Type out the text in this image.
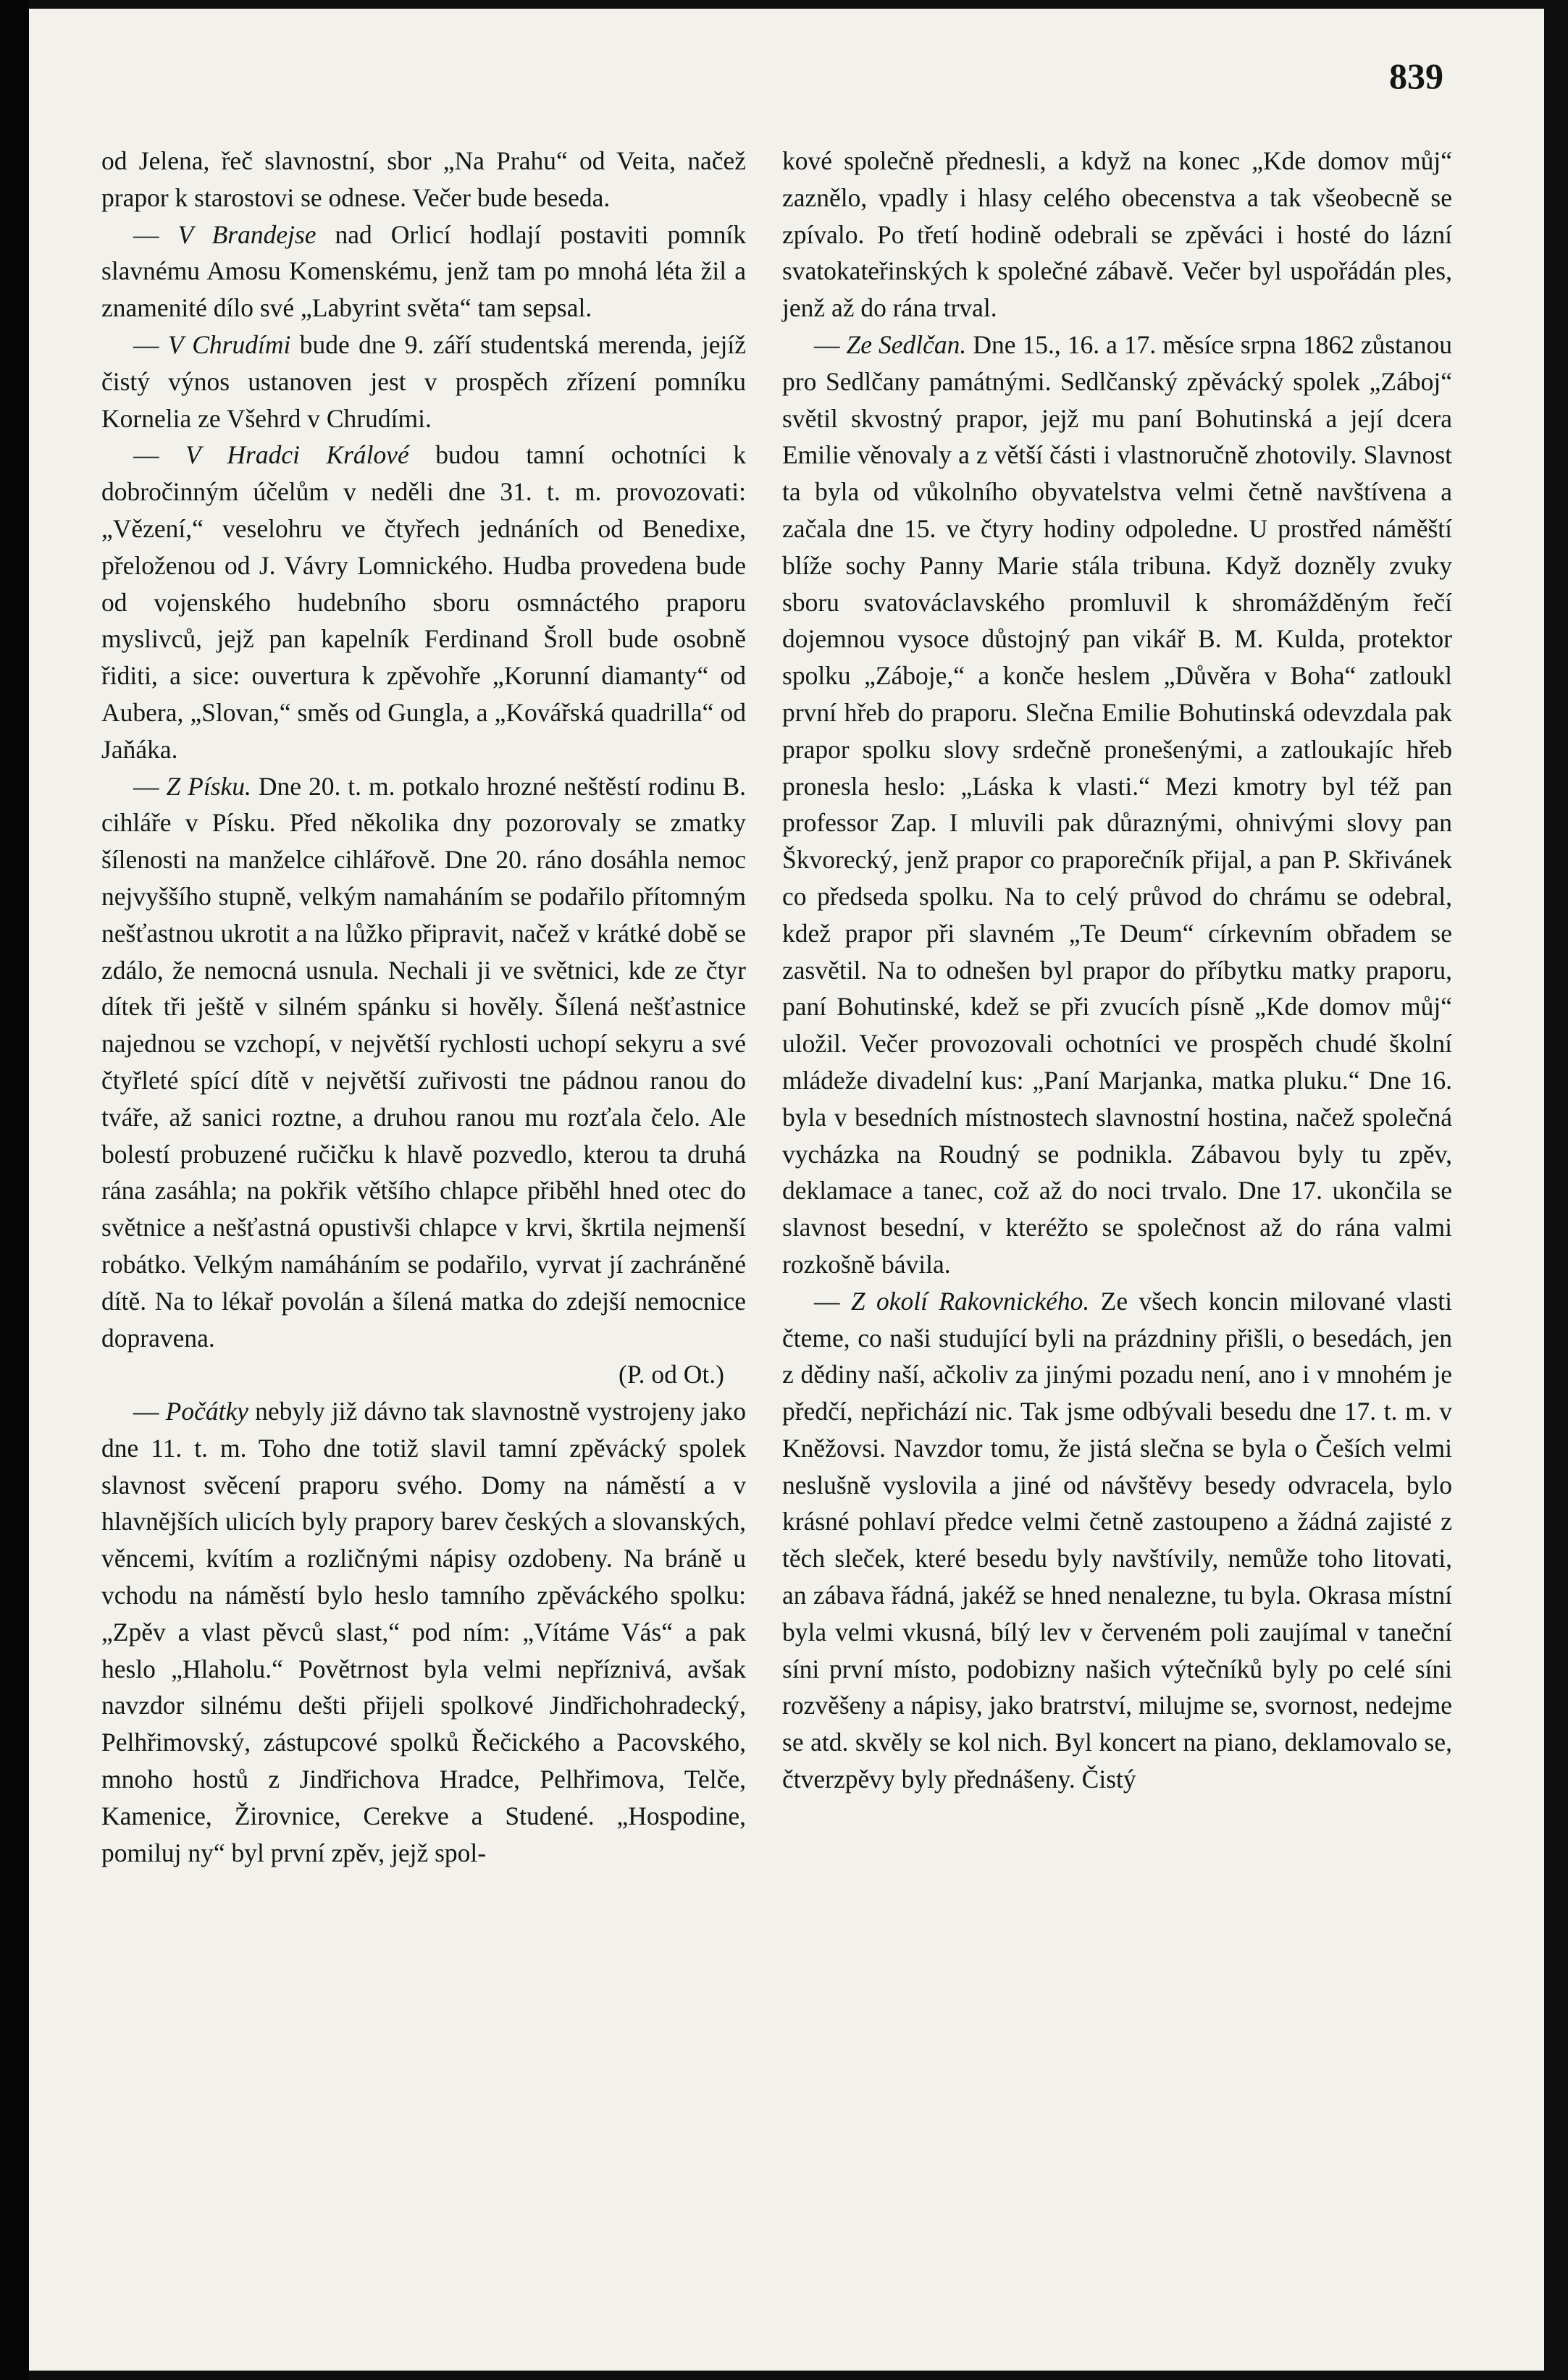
839

od Jelena, řeč slavnostní, sbor „Na Prahu“ od Veita, načež prapor k starostovi se odnese. Večer bude beseda.

— V Brandejse nad Orlicí hodlají postaviti pomník slavnému Amosu Komenskému, jenž tam po mnohá léta žil a znamenité dílo své „Labyrint světa“ tam sepsal.

— V Chrudími bude dne 9. září studentská merenda, jejíž čistý výnos ustanoven jest v prospěch zřízení pomníku Kornelia ze Všehrd v Chrudími.

— V Hradci Králové budou tamní ochotníci k dobročinným účelům v neděli dne 31. t. m. provozovati: „Vězení,“ veselohru ve čtyřech jednáních od Benedixe, přeloženou od J. Vávry Lomnického. Hudba provedena bude od vojenského hudebního sboru osmnáctého praporu myslivců, jejž pan kapelník Ferdinand Šroll bude osobně řiditi, a sice: ouvertura k zpěvohře „Korunní diamanty“ od Aubera, „Slovan,“ směs od Gungla, a „Kovářská quadrilla“ od Jaňáka.

— Z Písku. Dne 20. t. m. potkalo hrozné neštěstí rodinu B. cihláře v Písku. Před několika dny pozorovaly se zmatky šílenosti na manželce cihlářově. Dne 20. ráno dosáhla nemoc nejvyššího stupně, velkým namaháním se podařilo přítomným nešťastnou ukrotit a na lůžko připravit, načež v krátké době se zdálo, že nemocná usnula. Nechali ji ve světnici, kde ze čtyr dítek tři ještě v silném spánku si hověly. Šílená nešťastnice najednou se vzchopí, v největší rychlosti uchopí sekyru a své čtyřleté spící dítě v největší zuřivosti tne pádnou ranou do tváře, až sanici roztne, a druhou ranou mu rozťala čelo. Ale bolestí probuzené ručičku k hlavě pozvedlo, kterou ta druhá rána zasáhla; na pokřik většího chlapce přiběhl hned otec do světnice a nešťastná opustivši chlapce v krvi, škrtila nejmenší robátko. Velkým namáháním se podařilo, vyrvat jí zachráněné dítě. Na to lékař povolán a šílená matka do zdejší nemocnice dopravena.

(P. od Ot.)

— Počátky nebyly již dávno tak slavnostně vystrojeny jako dne 11. t. m. Toho dne totiž slavil tamní zpěvácký spolek slavnost svěcení praporu svého. Domy na náměstí a v hlavnějších ulicích byly prapory barev českých a slovanských, věncemi, kvítím a rozličnými nápisy ozdobeny. Na bráně u vchodu na náměstí bylo heslo tamního zpěváckého spolku: „Zpěv a vlast pěvců slast,“ pod ním: „Vítáme Vás“ a pak heslo „Hlaholu.“ Povětrnost byla velmi nepříznivá, avšak navzdor silnému dešti přijeli spolkové Jindřichohradecký, Pelhřimovský, zástupcové spolků Řečického a Pacovského, mnoho hostů z Jindřichova Hradce, Pelhřimova, Telče, Kamenice, Žirovnice, Cerekve a Studené. „Hospodine, pomiluj ny“ byl první zpěv, jejž spol-

kové společně přednesli, a když na konec „Kde domov můj“ zaznělo, vpadly i hlasy celého obecenstva a tak všeobecně se zpívalo. Po třetí hodině odebrali se zpěváci i hosté do lázní svatokateřinských k společné zábavě. Večer byl uspořádán ples, jenž až do rána trval.

— Ze Sedlčan. Dne 15., 16. a 17. měsíce srpna 1862 zůstanou pro Sedlčany památnými. Sedlčanský zpěvácký spolek „Záboj“ světil skvostný prapor, jejž mu paní Bohutinská a její dcera Emilie věnovaly a z větší části i vlastnoručně zhotovily. Slavnost ta byla od vůkolního obyvatelstva velmi četně navštívena a začala dne 15. ve čtyry hodiny odpoledne. U prostřed náměští blíže sochy Panny Marie stála tribuna. Když dozněly zvuky sboru svatováclavského promluvil k shromážděným řečí dojemnou vysoce důstojný pan vikář B. M. Kulda, protektor spolku „Záboje,“ a konče heslem „Důvěra v Boha“ zatloukl první hřeb do praporu. Slečna Emilie Bohutinská odevzdala pak prapor spolku slovy srdečně pronešenými, a zatloukajíc hřeb pronesla heslo: „Láska k vlasti.“ Mezi kmotry byl též pan professor Zap. I mluvili pak důraznými, ohnivými slovy pan Škvorecký, jenž prapor co praporečník přijal, a pan P. Skřivánek co předseda spolku. Na to celý průvod do chrámu se odebral, kdež prapor při slavném „Te Deum“ církevním obřadem se zasvětil. Na to odnešen byl prapor do příbytku matky praporu, paní Bohutinské, kdež se při zvucích písně „Kde domov můj“ uložil. Večer provozovali ochotníci ve prospěch chudé školní mládeže divadelní kus: „Paní Marjanka, matka pluku.“ Dne 16. byla v besedních místnostech slavnostní hostina, načež společná vycházka na Roudný se podnikla. Zábavou byly tu zpěv, deklamace a tanec, což až do noci trvalo. Dne 17. ukončila se slavnost besední, v kteréžto se společnost až do rána valmi rozkošně bávila.

— Z okolí Rakovnického. Ze všech koncin milované vlasti čteme, co naši studující byli na prázdniny přišli, o besedách, jen z dědiny naší, ačkoliv za jinými pozadu není, ano i v mnohém je předčí, nepřichází nic. Tak jsme odbývali besedu dne 17. t. m. v Kněžovsi. Navzdor tomu, že jistá slečna se byla o Češích velmi neslušně vyslovila a jiné od návštěvy besedy odvracela, bylo krásné pohlaví předce velmi četně zastoupeno a žádná zajisté z těch sleček, které besedu byly navštívily, nemůže toho litovati, an zábava řádná, jakéž se hned nenalezne, tu byla. Okrasa místní byla velmi vkusná, bílý lev v červeném poli zaujímal v taneční síni první místo, podobizny našich výtečníků byly po celé síni rozvěšeny a nápisy, jako bratrství, milujme se, svornost, nedejme se atd. skvěly se kol nich. Byl koncert na piano, deklamovalo se, čtverzpěvy byly přednášeny. Čistý
